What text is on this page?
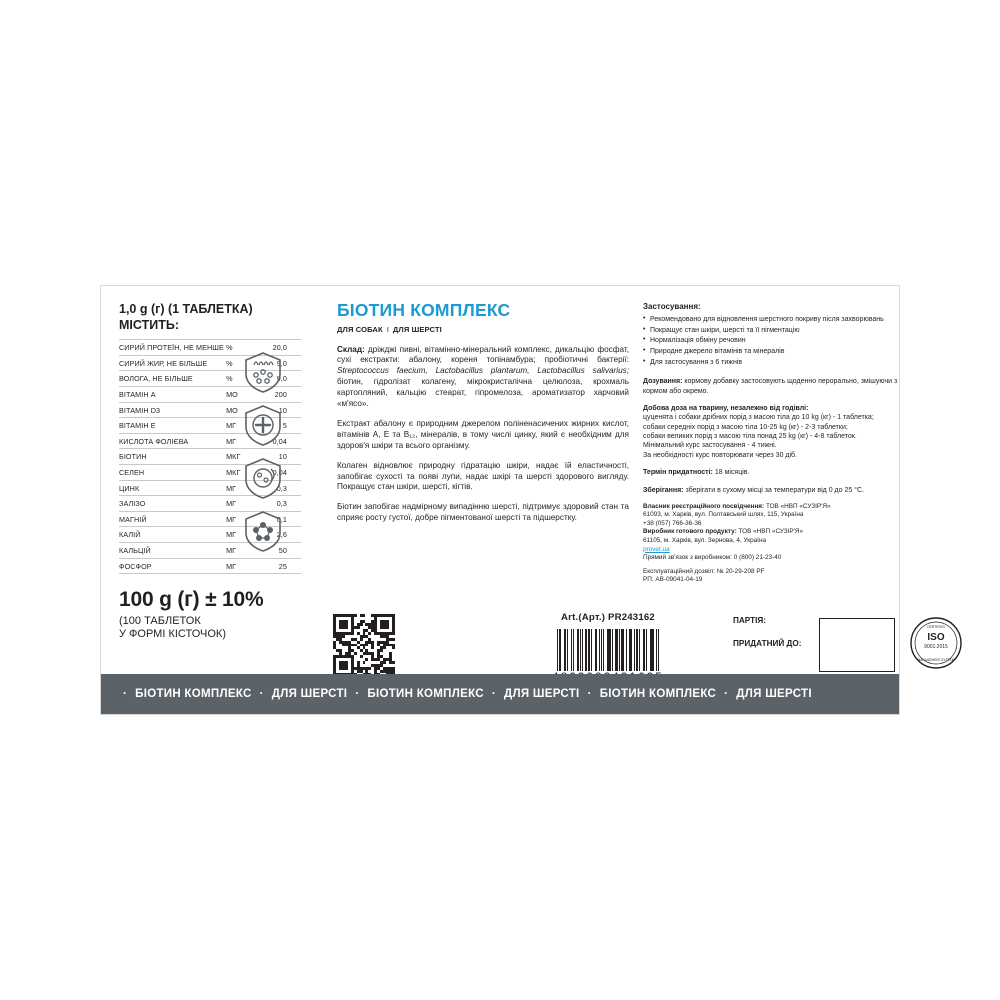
1,0 g (г) (1 ТАБЛЕТКА)
МІСТИТЬ:
СИРИЙ ПРОТЕЇН, НЕ МЕНШЕ	%	20,0
СИРИЙ ЖИР, НЕ БІЛЬШЕ	%	9,0
ВОЛОГА, НЕ БІЛЬШЕ	%	9,0
ВІТАМІН А	МО	200
ВІТАМІН D3	МО	10
ВІТАМІН Е	МГ	5
КИСЛОТА ФОЛІЄВА	МГ	0,04
БІОТИН	МКГ	10
СЕЛЕН	МКГ	0,04
ЦИНК	МГ	0,3
ЗАЛІЗО	МГ	0,3
МАГНІЙ	МГ	0,1
КАЛІЙ	МГ	2,6
КАЛЬЦІЙ	МГ	50
ФОСФОР	МГ	25
100 g (г) ± 10%
(100 ТАБЛЕТОК
У ФОРМІ КІСТОЧОК)
БІОТИН КОМПЛЕКС
ДЛЯ СОБАК I ДЛЯ ШЕРСТІ
Склад: дріжджі пивні, вітамінно-мінеральний комплекс, дикальцію фосфат, сухі екстракти: абалону, кореня топінамбура; пробіотичні бактерії: Streptococcus faecium, Lactobacillus plantarum, Lactobacillus salivarius; біотин, гідролізат колагену, мікрокристалічна целюлоза, крохмаль картопляний, кальцію стеарат, гіпромелоза, ароматизатор харчовий «м'ясо».
Екстракт абалону є природним джерелом поліненасичених жирних кислот, вітамінів А, Е та В₁₂, мінералів, в тому числі цинку, який є необхідним для здоров'я шкіри та всього організму.
Колаген відновлює природну гідратацію шкіри, надає їй еластичності, запобігає сухості та появі лупи, надає шкірі та шерсті здорового вигляду. Покращує стан шкіри, шерсті, кігтів.
Біотин запобігає надмірному випадінню шерсті, підтримує здоровий стан та сприяє росту густої, добре пігментованої шерсті та підшерстку.
Застосування:
• Рекомендовано для відновлення шерстного покриву після захворювань
• Покращує стан шкіри, шерсті та її пігментацію
• Нормалізація обміну речовин
• Природне джерело вітамінів та мінералів
• Для застосування з 6 тижнів
Дозування: кормову добавку застосовують щоденно перорально, змішуючи з кормом або окремо.
Добова доза на тварину, незалежно від годівлі:
цуценята і собаки дрібних порід з масою тіла до 10 kg (кг) - 1 таблетка;
собаки середніх порід з масою тіла 10-25 kg (кг) - 2-3 таблетки;
собаки великих порід з масою тіла понад 25 kg (кг) - 4-8 таблеток.
Мінімальний курс застосування - 4 тижні.
За необхідності курс повторювати через 30 діб.
Термін придатності: 18 місяців.
Зберігання: зберігати в сухому місці за температури від 0 до 25 °C.
Власник реєстраційного посвідчення: ТОВ «НВП «СУЗІР'Я»
61093, м. Харків, вул. Полтавський шлях, 115, Україна
+38 (057) 766-36-36
Виробник готового продукту: ТОВ «НВП «СУЗІР'Я»
61105, м. Харків, вул. Зернова, 4, Україна
provet.ua
Прямий зв'язок з виробником: 0 (800) 21-23-40
Експлуатаційний дозвіл: № 20-29-208 PF
РП: AB-09041-04-19
Art.(Арт.) PR243162	ПАРТІЯ:
ПРИДАТНИЙ ДО:
ISO
9001:2015
CERTIFIED
MANAGEMENT SYSTEM
· БІОТИН КОМПЛЕКС · ДЛЯ ШЕРСТІ · БІОТИН КОМПЛЕКС · ДЛЯ ШЕРСТІ · БІОТИН КОМПЛЕКС · ДЛЯ ШЕРСТІ
